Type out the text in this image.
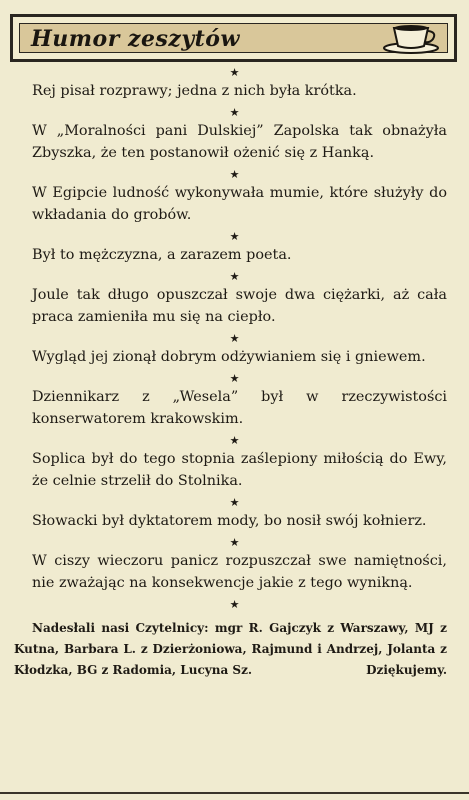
Humor zeszytów
★
Rej pisał rozprawy; jedna z nich była krótka.
★
W „Moralności pani Dulskiej” Zapolska tak obnażyła Zbyszka, że ten postanowił ożenić się z Hanką.
★
W Egipcie ludność wykonywała mumie, które służyły do wkładania do grobów.
★
Był to mężczyzna, a zarazem poeta.
★
Joule tak długo opuszczał swoje dwa ciężarki, aż cała praca zamieniła mu się na ciepło.
★
Wygląd jej zionął dobrym odżywianiem się i gniewem.
★
Dziennikarz z „Wesela” był w rzeczywistości konserwatorem krakowskim.
★
Soplica był do tego stopnia zaślepiony miłością do Ewy, że celnie strzelił do Stolnika.
★
Słowacki był dyktatorem mody, bo nosił swój kołnierz.
★
W ciszy wieczoru panicz rozpuszczał swe namiętności, nie zważając na konsekwencje jakie z tego wynikną.
★
Nadesłali nasi Czytelnicy: mgr R. Gajczyk z Warszawy, MJ z Kutna, Barbara L. z Dzierżoniowa, Rajmund i Andrzej, Jolanta z Kłodzka, BG z Radomia, Lucyna Sz.	Dziękujemy.
